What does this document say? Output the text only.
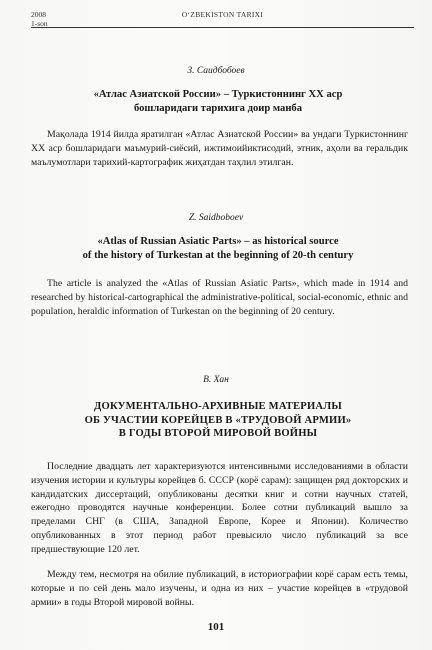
2008
1-son
O‘ZBEKISTON TARIXI
З. Саидбобоев
«Атлас Азиатской России» – Туркистоннинг ХХ аср
бошларидаги тарихига доир манба
Мақолада 1914 йилда яратилган «Атлас Азиатской России» ва ундаги Туркистоннинг ХХ аср бошларидаги маъмурий-сиёсий, ижтимоийиктисодий, этник, аҳоли ва геральдик маълумотлари тарихий-картографик жиҳатдан таҳлил этилган.
Z. Saidboboev
«Atlas of Russian Asiatic Parts» – as historical source
of the history of Turkestan at the beginning of 20-th century
The article is analyzed the «Atlas of Russian Asiatic Parts», which made in 1914 and researched by historical-cartographical the administrative-political, social-economic, ethnic and population, heraldic information of Turkestan on the beginning of 20 century.
В. Хан
ДОКУМЕНТАЛЬНО-АРХИВНЫЕ МАТЕРИАЛЫ
ОБ УЧАСТИИ КОРЕЙЦЕВ В «ТРУДОВОЙ АРМИИ»
В ГОДЫ ВТОРОЙ МИРОВОЙ ВОЙНЫ
Последние двадцать лет характеризуются интенсивными исследованиями в области изучения истории и культуры корейцев б. СССР (корё сарам): защищен ряд докторских и кандидатских диссертаций, опубликованы десятки книг и сотни научных статей, ежегодно проводятся научные конференции. Более сотни публикаций вышло за пределами СНГ (в США, Западной Европе, Корее и Японии). Количество опубликованных в этот период работ превысило число публикаций за все предшествующие 120 лет.
Между тем, несмотря на обилие публикаций, в историографии корё сарам есть темы, которые и по сей день мало изучены, и одна из них – участие корейцев в «трудовой армии» в годы Второй мировой войны.
101
